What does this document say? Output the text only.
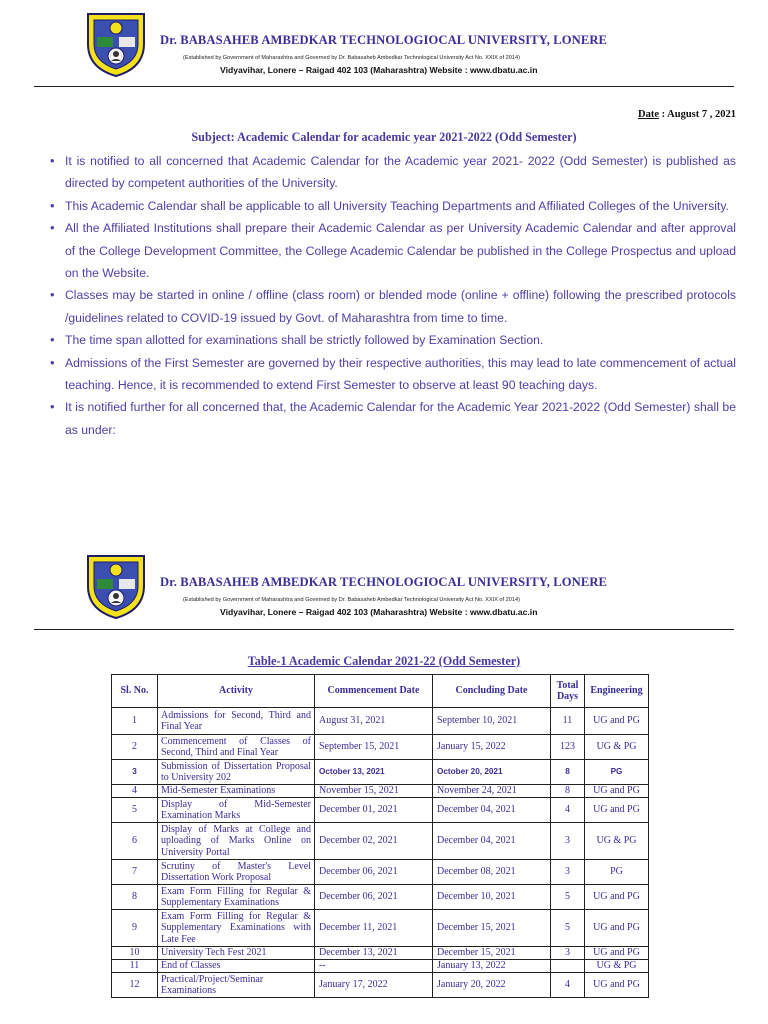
Dr. BABASAHEB AMBEDKAR TECHNOLOGIOCAL UNIVERSITY, LONERE
(Established by Government of Maharashtra and Governed by Dr. Babasaheb Ambedkar Technological University Act No. XXIX of 2014)
Vidyavihar, Lonere – Raigad 402 103 (Maharashtra) Website : www.dbatu.ac.in
Date : August 7 , 2021
Subject: Academic Calendar for academic year 2021-2022 (Odd Semester)
• It is notified to all concerned that Academic Calendar for the Academic year 2021- 2022 (Odd Semester) is published as directed by competent authorities of the University.
• This Academic Calendar shall be applicable to all University Teaching Departments and Affiliated Colleges of the University.
• All the Affiliated Institutions shall prepare their Academic Calendar as per University Academic Calendar and after approval of the College Development Committee, the College Academic Calendar be published in the College Prospectus and upload on the Website.
• Classes may be started in online / offline (class room) or blended mode (online + offline) following the prescribed protocols /guidelines related to COVID-19 issued by Govt. of Maharashtra from time to time.
• The time span allotted for examinations shall be strictly followed by Examination Section.
• Admissions of the First Semester are governed by their respective authorities, this may lead to late commencement of actual teaching. Hence, it is recommended to extend First Semester to observe at least 90 teaching days.
• It is notified further for all concerned that, the Academic Calendar for the Academic Year 2021-2022 (Odd Semester) shall be as under:
Dr. BABASAHEB AMBEDKAR TECHNOLOGIOCAL UNIVERSITY, LONERE
(Established by Government of Maharashtra and Governed by Dr. Babasaheb Ambedkar Technological University Act No. XXIX of 2014)
Vidyavihar, Lonere – Raigad 402 103 (Maharashtra) Website : www.dbatu.ac.in
Table-1 Academic Calendar 2021-22 (Odd Semester)
Sl. No.	Activity	Commencement Date	Concluding Date	Total Days	Engineering
1	Admissions for Second, Third and Final Year	August 31, 2021	September 10, 2021	11	UG and PG
2	Commencement of Classes of Second, Third and Final Year	September 15, 2021	January 15, 2022	123	UG & PG
3	Submission of Dissertation Proposal to University 202	October 13, 2021	October 20, 2021	8	PG
4	Mid-Semester Examinations	November 15, 2021	November 24, 2021	8	UG and PG
5	Display of Mid-Semester Examination Marks	December 01, 2021	December 04, 2021	4	UG and PG
6	Display of Marks at College and uploading of Marks Online on University Portal	December 02, 2021	December 04, 2021	3	UG & PG
7	Scrutiny of Master's Level Dissertation Work Proposal	December 06, 2021	December 08, 2021	3	PG
8	Exam Form Filling for Regular & Supplementary Examinations	December 06, 2021	December 10, 2021	5	UG and PG
9	Exam Form Filling for Regular & Supplementary Examinations with Late Fee	December 11, 2021	December 15, 2021	5	UG and PG
10	University Tech Fest 2021	December 13, 2021	December 15, 2021	3	UG and PG
11	End of Classes	--	January 13, 2022		UG & PG
12	Practical/Project/Seminar Examinations	January 17, 2022	January 20, 2022	4	UG and PG
